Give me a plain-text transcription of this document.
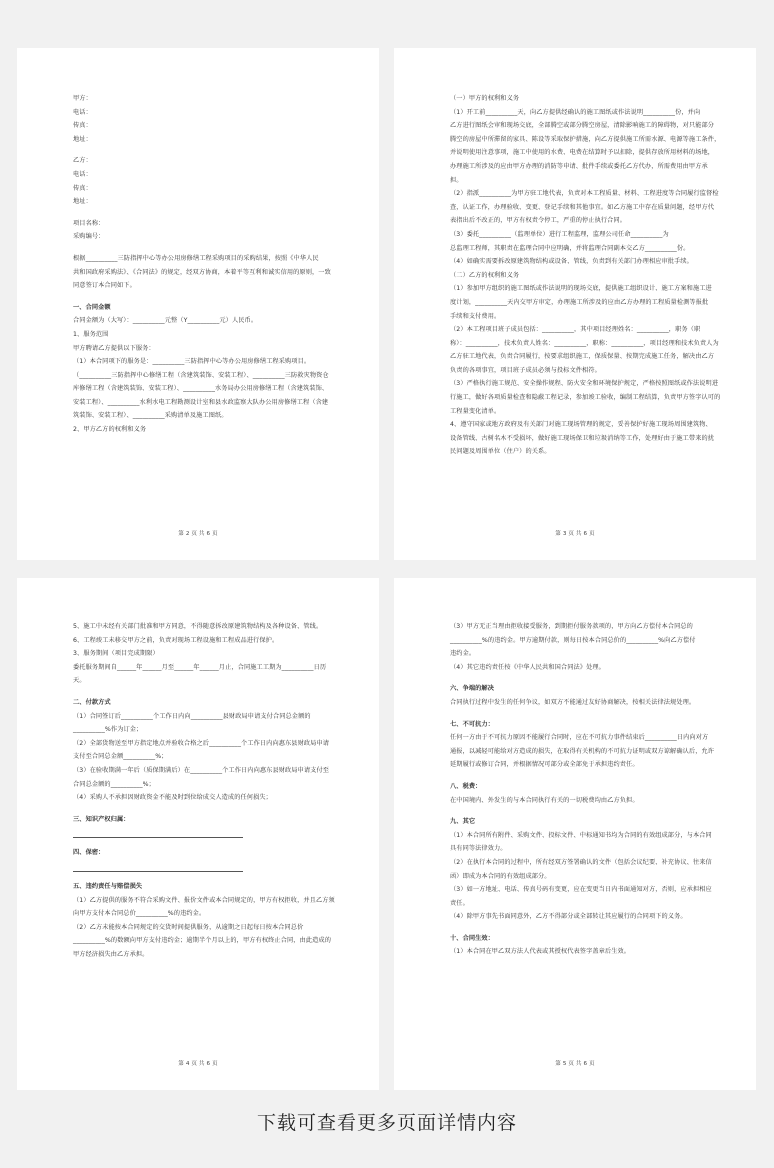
甲方：
电话：
传真：
地址：
乙方：
电话：
传真：
地址：
项目名称：
采购编号：
根据__________三防指挥中心等办公用房修缮工程采购项目的采购结果，按照《中华人民
共和国政府采购法》、《合同法》的规定，经双方协商，本着平等互利和诚实信用的原则，一致
同意签订本合同如下。
一、合同金额
合同金额为（大写）：__________元整（Y__________元）人民币。
1、服务范围
甲方聘请乙方提供以下服务：
（1）本合同项下的服务是：__________三防指挥中心等办公用房修缮工程采购项目。
（__________三防指挥中心修缮工程（含建筑装饰、安装工程）、__________三防救灾物资仓
库修缮工程（含建筑装饰、安装工程）、__________水务局办公用房修缮工程（含建筑装饰、
安装工程）、__________水利水电工程勘测设计室和县水政监察大队办公用房修缮工程（含建
筑装饰、安装工程）、__________采购清单及施工图纸。
2、甲方乙方的权利和义务
第 2 页 共 6 页
（一）甲方的权利和义务
（1）开工前__________天，向乙方提供经确认的施工图纸或作法说明__________份，并向
乙方进行图纸会审和现场交底，全部腾空或部分腾空房屋，清除影响施工的障碍物，对只能部分
腾空的房屋中所滞留的家具、陈设等采取保护措施，向乙方提供施工所需水源、电源等施工条件，
并说明使用注意事项，施工中使用的水费、电费在结算时予以扣除，提供存放所用材料的场地，
办理施工所涉及的应由甲方办理的消防等申请、批件手续或委托乙方代办，所需费用由甲方承
担。
（2）指派__________为甲方驻工地代表，负责对本工程质量、材料、工程进度等合同履行监督检
查，认证工作，办理验收、变更、登记手续和其他事宜。如乙方施工中存在质量问题，经甲方代
表指出后不改正的，甲方有权责令停工，严重的停止执行合同。
（3）委托__________（监理单位）进行工程监理，监理公司任命__________为
总监理工程师，其职责在监理合同中应明确，并将监理合同副本交乙方__________份。
（4）如确实需要拆改原建筑物结构或设备、管线，负责到有关部门办理相应审批手续。
（二）乙方的权利和义务
（1）参加甲方组织的施工图纸或作法说明的现场交底，提供施工组织设计、施工方案和施工进
度计划，__________天内交甲方审定，办理施工所涉及的应由乙方办理的工程质量检测等报批
手续和支付费用。
（2）本工程项目班子成员包括：__________，其中项目经理姓名：__________，职务（职
称）：__________，技术负责人姓名：__________，职称：__________，项目经理和技术负责人为
乙方驻工地代表，负责合同履行，按要求组织施工，保质保量、按期完成施工任务，解决由乙方
负责的各项事宜，项目班子成员必须与投标文件相符。
（3）严格执行施工规范、安全操作规程、防火安全和环境保护规定，严格按照图纸或作法说明进
行施工，做好各项质量检查和隐蔽工程记录，参加竣工验收，编制工程结算，负责甲方签字认可的
工程量变化清单。
4、遵守国家或地方政府及有关部门对施工现场管理的规定，妥善保护好施工现场周围建筑物、
设备管线、古树名木不受损坏，做好施工现场保卫和垃圾消纳等工作，处理好由于施工带来的扰
民问题及周围单位（住户）的关系。
第 3 页 共 6 页
5、施工中未经有关部门批准和甲方同意，不得随意拆改原建筑物结构及各种设备、管线。
6、工程竣工未移交甲方之前，负责对现场工程设施和工程成品进行保护。
3、服务期间（项目完成期限）
委托服务期间自______年______月至______年______月止，合同施工工期为__________日历
天。
二、付款方式
（1）合同签订后__________个工作日内向__________县财政局申请支付合同总金额的
__________%作为订金；
（2）全部货物送至甲方指定地点并验收合格之后__________个工作日内向惠东县财政局申请
支付至合同总金额__________%；
（3）在验收期满一年后（质保期满后）在__________个工作日内向惠东县财政局申请支付至
合同总金额的__________%；
（4）采购人不承担因财政资金不能及时到位给成交人造成的任何损失；
三、知识产权归属：
四、保密：
五、违约责任与赔偿损失
（1）乙方提供的服务不符合采购文件、报价文件或本合同规定的，甲方有权拒收，并且乙方须
向甲方支付本合同总价__________%的违约金。
（2）乙方未能按本合同规定的交货时间提供服务，从逾期之日起每日按本合同总价
__________%的数额向甲方支付违约金；逾期半个月以上的，甲方有权终止合同，由此造成的
甲方经济损失由乙方承担。
第 4 页 共 6 页
（3）甲方无正当理由拒收接受服务，到期拒付服务款项的，甲方向乙方偿付本合同总的
__________%的违约金。甲方逾期付款，则每日按本合同总价的__________%向乙方偿付
违约金。
（4）其它违约责任按《中华人民共和国合同法》处理。
六、争端的解决
合同执行过程中发生的任何争议，如双方不能通过友好协商解决，按相关法律法规处理。
七、不可抗力：
任何一方由于不可抗力原因不能履行合同时，应在不可抗力事件结束后__________日内向对方
通报，以减轻可能给对方造成的损失，在取得有关机构的不可抗力证明或双方谅解确认后，允许
延期履行或修订合同，并根据情况可部分或全部免于承担违约责任。
八、税费：
在中国境内、外发生的与本合同执行有关的一切税费均由乙方负担。
九、其它
（1）本合同所有附件、采购文件、投标文件、中标通知书均为合同的有效组成部分，与本合同
具有同等法律效力。
（2）在执行本合同的过程中，所有经双方签署确认的文件（包括会议纪要、补充协议、往来信
函）即成为本合同的有效组成部分。
（3）如一方地址、电话、传真号码有变更，应在变更当日内书面通知对方，否则，应承担相应
责任。
（4）除甲方事先书面同意外，乙方不得部分或全部转让其应履行的合同项下的义务。
十、合同生效：
（1）本合同在甲乙双方法人代表或其授权代表签字盖章后生效。
第 5 页 共 6 页
下载可查看更多页面详情内容
